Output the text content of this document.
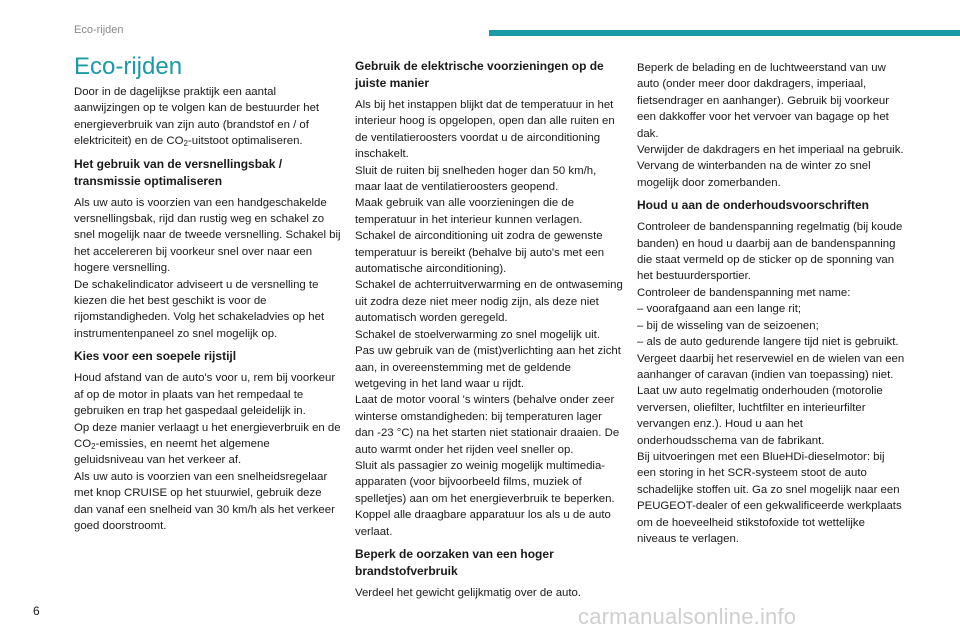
Eco-rijden
Eco-rijden

Door in de dagelijkse praktijk een aantal aanwijzingen op te volgen kan de bestuurder het energieverbruik van zijn auto (brandstof en / of elektriciteit) en de $CO_2$-uitstoot optimaliseren.

Het gebruik van de versnellingsbak / transmissie optimaliseren

Als uw auto is voorzien van een handgeschakelde versnellingsbak, rijd dan rustig weg en schakel zo snel mogelijk naar de tweede versnelling. Schakel bij het accelereren bij voorkeur snel over naar een hogere versnelling.

De schakelindicator adviseert u de versnelling te kiezen die het best geschikt is voor de rijomstandigheden. Volg het schakeladvies op het instrumentenpaneel zo snel mogelijk op.

Kies voor een soepele rijstijl

Houd afstand van de auto's voor u, rem bij voorkeur af op de motor in plaats van het rempedaal te gebruiken en trap het gaspedaal geleidelijk in.

Op deze manier verlaagt u het energieverbruik en de $CO_2$-emissies, en neemt het algemene geluidsniveau van het verkeer af.

Als uw auto is voorzien van een snelheidsregelaar met knop CRUISE op het stuurwiel, gebruik deze dan vanaf een snelheid van 30 km/h als het verkeer goed doorstroomt.

Gebruik de elektrische voorzieningen op de juiste manier

Als bij het instappen blijkt dat de temperatuur in het interieur hoog is opgelopen, open dan alle ruiten en de ventilatieroosters voordat u de airconditioning inschakelt.

Sluit de ruiten bij snelheden hoger dan 50 km/h, maar laat de ventilatieroosters geopend.

Maak gebruik van alle voorzieningen die de temperatuur in het interieur kunnen verlagen.

Schakel de airconditioning uit zodra de gewenste temperatuur is bereikt (behalve bij auto's met een automatische airconditioning).

Schakel de achterruitverwarming en de ontwaseming uit zodra deze niet meer nodig zijn, als deze niet automatisch worden geregeld.

Schakel de stoelverwarming zo snel mogelijk uit.

Pas uw gebruik van de (mist)verlichting aan het zicht aan, in overeenstemming met de geldende wetgeving in het land waar u rijdt.

Laat de motor vooral 's winters (behalve onder zeer winterse omstandigheden: bij temperaturen lager dan -23 °C) na het starten niet stationair draaien. De auto warmt onder het rijden veel sneller op.

Sluit als passagier zo weinig mogelijk multimedia-apparaten (voor bijvoorbeeld films, muziek of spelletjes) aan om het energieverbruik te beperken.

Koppel alle draagbare apparatuur los als u de auto verlaat.

Beperk de oorzaken van een hoger brandstofverbruik

Verdeel het gewicht gelijkmatig over de auto.

Beperk de belading en de luchtweerstand van uw auto (onder meer door dakdragers, imperiaal, fietsendrager en aanhanger). Gebruik bij voorkeur een dakkoffer voor het vervoer van bagage op het dak.

Verwijder de dakdragers en het imperiaal na gebruik.

Vervang de winterbanden na de winter zo snel mogelijk door zomerbanden.

Houd u aan de onderhoudsvoorschriften

Controleer de bandenspanning regelmatig (bij koude banden) en houd u daarbij aan de bandenspanning die staat vermeld op de sticker op de sponning van het bestuurdersportier.

Controleer de bandenspanning met name:

– voorafgaand aan een lange rit;
– bij de wisseling van de seizoenen;
– als de auto gedurende langere tijd niet is gebruikt.

Vergeet daarbij het reservewiel en de wielen van een aanhanger of caravan (indien van toepassing) niet.

Laat uw auto regelmatig onderhouden (motorolie verversen, oliefilter, luchtfilter en interieurfilter vervangen enz.). Houd u aan het onderhoudsschema van de fabrikant.

Bij uitvoeringen met een BlueHDi-dieselmotor: bij een storing in het SCR-systeem stoot de auto schadelijke stoffen uit. Ga zo snel mogelijk naar een PEUGEOT-dealer of een gekwalificeerde werkplaats om de hoeveelheid stikstofoxide tot wettelijke niveaus te verlagen.

6	carmanualsonline.info
